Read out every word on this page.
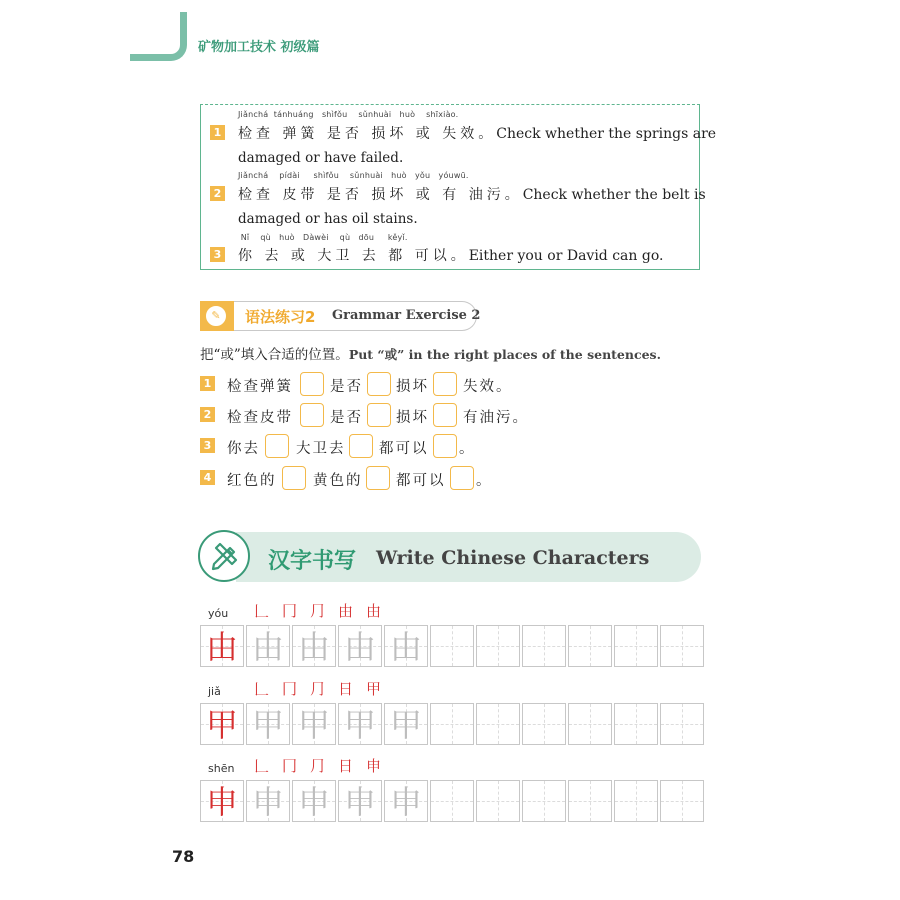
矿物加工技术 初级篇
Jiǎnchá  tánhuáng   shìfǒu    sǔnhuài   huò    shīxiào.
1 检查 弹簧 是否 损坏 或 失效。Check whether the springs are
damaged or have failed.
Jiǎnchá    pídài     shìfǒu    sǔnhuài   huò   yǒu   yóuwū.
2 检查 皮带 是否 损坏 或 有 油污。Check whether the belt is
damaged or has oil stains.
Nǐ    qù   huò   Dàwèi    qù   dōu     kěyǐ.
3 你 去 或 大卫 去 都 可以。Either you or David can go.
✎	语法练习2 Grammar Exercise 2
把“或”填入合适的位置。Put “或” in the right places of the sentences.
1 检查弹簧	是否 损坏 失效。
2 检查皮带	是否 损坏 有油污。
3 你去 大卫去 都可以 。
4 红色的	黄色的 都可以 。
汉字书写 Write Chinese Characters
yóu 𠃊 冂 ⺆ 由 由
由 由 由 由 由
jiǎ 𠃊 冂 ⺆ 日 甲
甲 甲 甲 甲 甲
shēn 𠃊 冂 ⺆ 日 申
申 申 申 申 申
78
